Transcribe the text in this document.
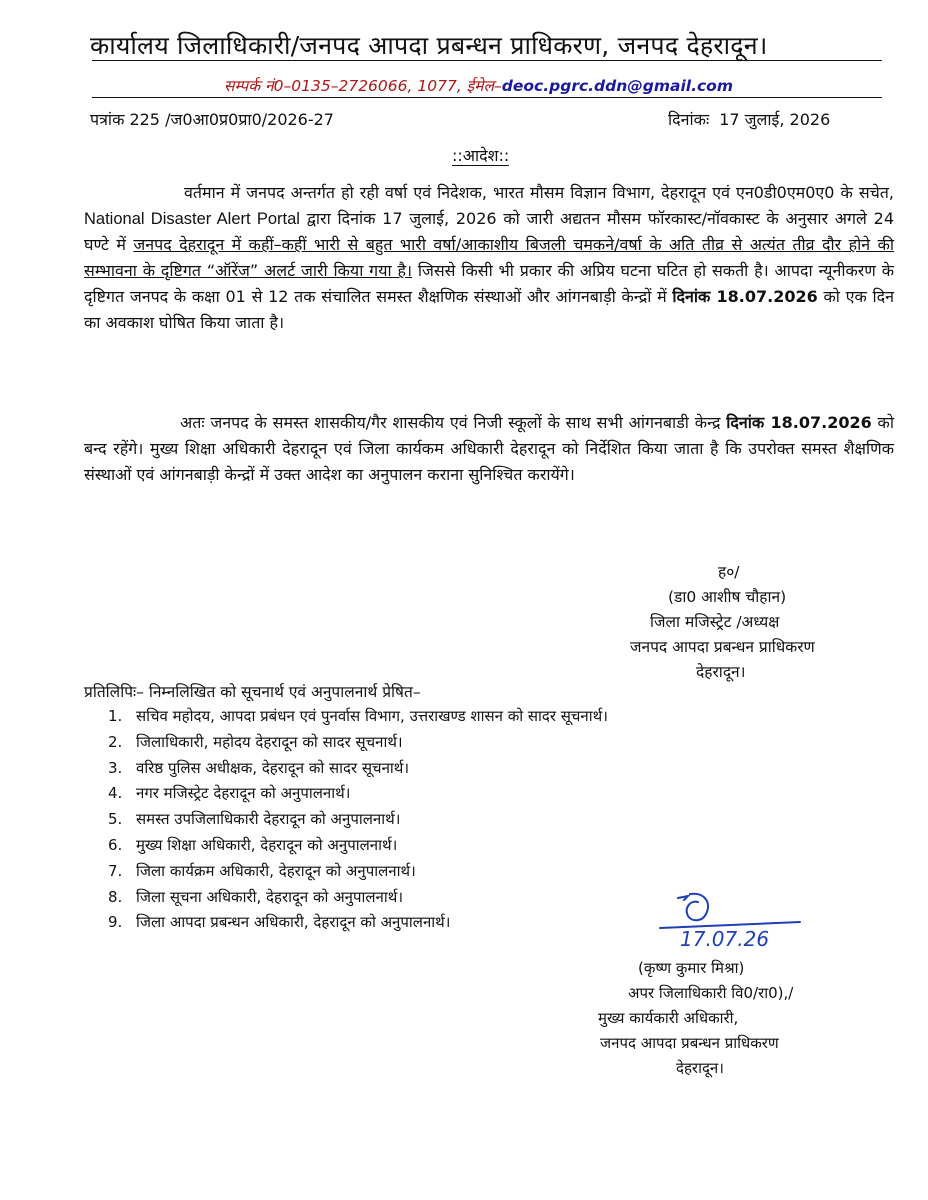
कार्यालय जिलाधिकारी/जनपद आपदा प्रबन्धन प्राधिकरण, जनपद देहरादून।
सम्पर्क नं0–0135–2726066, 1077, ईमेल–deoc.pgrc.ddn@gmail.com
पत्रांक 225 /ज0आ0प्र0प्रा0/2026-27	दिनांकः 17 जुलाई, 2026
::आदेश::

वर्तमान में जनपद अन्तर्गत हो रही वर्षा एवं निदेशक, भारत मौसम विज्ञान विभाग, देहरादून एवं एन0डी0एम0ए0 के सचेत, National Disaster Alert Portal द्वारा दिनांक 17 जुलाई, 2026 को जारी अद्यतन मौसम फॉरकास्ट/नॉवकास्ट के अनुसार अगले 24 घण्टे में जनपद देहरादून में कहीं–कहीं भारी से बहुत भारी वर्षा/आकाशीय बिजली चमकने/वर्षा के अति तीव्र से अत्यंत तीव्र दौर होने की सम्भावना के दृष्टिगत “ऑरेंज” अलर्ट जारी किया गया है। जिससे किसी भी प्रकार की अप्रिय घटना घटित हो सकती है। आपदा न्यूनीकरण के दृष्टिगत जनपद के कक्षा 01 से 12 तक संचालित समस्त शैक्षणिक संस्थाओं और आंगनबाड़ी केन्द्रों में दिनांक 18.07.2026 को एक दिन का अवकाश घोषित किया जाता है।

अतः जनपद के समस्त शासकीय/गैर शासकीय एवं निजी स्कूलों के साथ सभी आंगनबाडी केन्द्र दिनांक 18.07.2026 को बन्द रहेंगे। मुख्य शिक्षा अधिकारी देहरादून एवं जिला कार्यकम अधिकारी देहरादून को निर्देशित किया जाता है कि उपरोक्त समस्त शैक्षणिक संस्थाओं एवं आंगनबाड़ी केन्द्रों में उक्त आदेश का अनुपालन कराना सुनिश्चित करायेंगे।

ह०/
(डा0 आशीष चौहान)
जिला मजिस्ट्रेट /अध्यक्ष
जनपद आपदा प्रबन्धन प्राधिकरण
देहरादून।
प्रतिलिपिः– निम्नलिखित को सूचनार्थ एवं अनुपालनार्थ प्रेषित–
1. सचिव महोदय, आपदा प्रबंधन एवं पुनर्वास विभाग, उत्तराखण्ड शासन को सादर सूचनार्थ।
2. जिलाधिकारी, महोदय देहरादून को सादर सूचनार्थ।
3. वरिष्ठ पुलिस अधीक्षक, देहरादून को सादर सूचनार्थ।
4. नगर मजिस्ट्रेट देहरादून को अनुपालनार्थ।
5. समस्त उपजिलाधिकारी देहरादून को अनुपालनार्थ।
6. मुख्य शिक्षा अधिकारी, देहरादून को अनुपालनार्थ।
7. जिला कार्यक्रम अधिकारी, देहरादून को अनुपालनार्थ।
8. जिला सूचना अधिकारी, देहरादून को अनुपालनार्थ।
9. जिला आपदा प्रबन्धन अधिकारी, देहरादून को अनुपालनार्थ।
17.07.26
(कृष्ण कुमार मिश्रा)
अपर जिलाधिकारी वि0/रा0),/
मुख्य कार्यकारी अधिकारी,
जनपद आपदा प्रबन्धन प्राधिकरण
देहरादून।
